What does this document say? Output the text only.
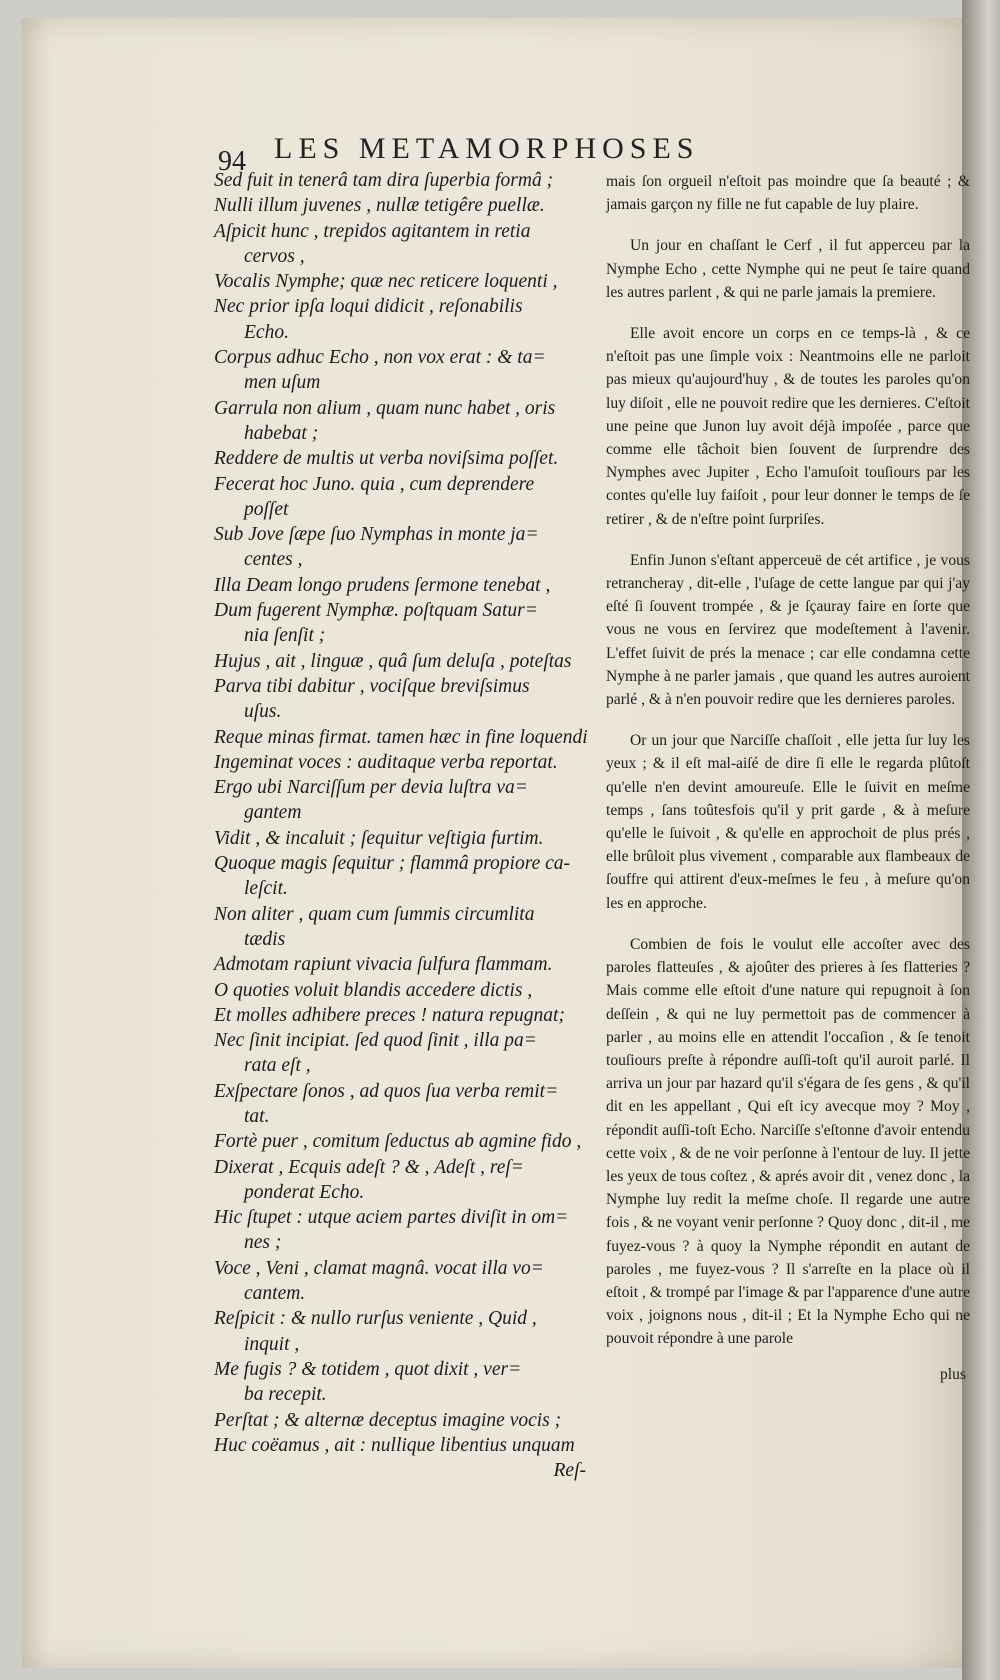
94 LES METAMORPHOSES
Sed fuit in tenerâ tam dira ſuperbia formâ ;
Nulli illum juvenes , nullæ tetigêre puellæ.
Aſpicit hunc , trepidos agitantem in retia
cervos ,
Vocalis Nymphe; quæ nec reticere loquenti ,
Nec prior ipſa loqui didicit , reſonabilis
Echo.
Corpus adhuc Echo , non vox erat : & ta=
men uſum
Garrula non alium , quam nunc habet , oris
habebat ;
Reddere de multis ut verba noviſsima poſſet.
Fecerat hoc Juno. quia , cum deprendere
poſſet
Sub Jove ſæpe ſuo Nymphas in monte ja=
centes ,
Illa Deam longo prudens ſermone tenebat ,
Dum fugerent Nymphæ. poſtquam Satur=
nia ſenſit ;
Hujus , ait , linguæ , quâ ſum deluſa , poteſtas
Parva tibi dabitur , vociſque breviſsimus
uſus.
Reque minas firmat. tamen hæc in fine loquendi
Ingeminat voces : auditaque verba reportat.
Ergo ubi Narciſſum per devia luſtra va=
gantem
Vidit , & incaluit ; ſequitur veſtigia furtim.
Quoque magis ſequitur ; flammâ propiore ca-
leſcit.
Non aliter , quam cum ſummis circumlita
tædis
Admotam rapiunt vivacia ſulfura flammam.
O quoties voluit blandis accedere dictis ,
Et molles adhibere preces ! natura repugnat;
Nec ſinit incipiat. ſed quod ſinit , illa pa=
rata eſt ,
Exſpectare ſonos , ad quos ſua verba remit=
tat.
Fortè puer , comitum ſeductus ab agmine fido ,
Dixerat , Ecquis adeſt ? & , Adeſt , reſ=
ponderat Echo.
Hic ſtupet : utque aciem partes diviſit in om=
nes ;
Voce , Veni , clamat magnâ. vocat illa vo=
cantem.
Reſpicit : & nullo rurſus veniente , Quid ,
inquit ,
Me fugis ? & totidem , quot dixit , ver=
ba recepit.
Perſtat ; & alternæ deceptus imagine vocis ;
Huc coëamus , ait : nullique libentius unquam
Reſ-

mais ſon orgueil n'eſtoit pas moindre que ſa beauté ; & jamais garçon ny fille ne fut capable de luy plaire.

Un jour en chaſſant le Cerf , il fut apperceu par la Nymphe Echo , cette Nymphe qui ne peut ſe taire quand les autres parlent , & qui ne parle jamais la premiere.

Elle avoit encore un corps en ce temps-là , & ce n'eſtoit pas une ſimple voix : Neantmoins elle ne parloit pas mieux qu'aujourd'huy , & de toutes les paroles qu'on luy diſoit , elle ne pouvoit redire que les dernieres. C'eſtoit une peine que Junon luy avoit déjà impoſée , parce que comme elle tâchoit bien ſouvent de ſurprendre des Nymphes avec Jupiter , Echo l'amuſoit touſiours par les contes qu'elle luy faiſoit , pour leur donner le temps de ſe retirer , & de n'eſtre point ſurpriſes.

Enfin Junon s'eſtant apperceuë de cét artifice , je vous retrancheray , dit-elle , l'uſage de cette langue par qui j'ay eſté ſi ſouvent trompée , & je ſçauray faire en ſorte que vous ne vous en ſervirez que modeſtement à l'avenir. L'effet ſuivit de prés la menace ; car elle condamna cette Nymphe à ne parler jamais , que quand les autres auroient parlé , & à n'en pouvoir redire que les dernieres paroles.

Or un jour que Narciſſe chaſſoit , elle jetta ſur luy les yeux ; & il eſt mal-aiſé de dire ſi elle le regarda plûtoſt qu'elle n'en devint amoureuſe. Elle le ſuivit en meſme temps , ſans toûtesfois qu'il y prit garde , & à meſure qu'elle le ſuivoit , & qu'elle en approchoit de plus prés , elle brûloit plus vivement , comparable aux flambeaux de ſouffre qui attirent d'eux-meſmes le feu , à meſure qu'on les en approche.

Combien de fois le voulut elle accoſter avec des paroles flatteuſes , & ajoûter des prieres à ſes flatteries ? Mais comme elle eſtoit d'une nature qui repugnoit à ſon deſſein , & qui ne luy permettoit pas de commencer à parler , au moins elle en attendit l'occaſion , & ſe tenoit touſiours preſte à répondre auſſi-toſt qu'il auroit parlé. Il arriva un jour par hazard qu'il s'égara de ſes gens , & qu'il dit en les appellant , Qui eſt icy avecque moy ? Moy , répondit auſſi-toſt Echo. Narciſſe s'eſtonne d'avoir entendu cette voix , & de ne voir perſonne à l'entour de luy. Il jette les yeux de tous coſtez , & aprés avoir dit , venez donc , la Nymphe luy redit la meſme choſe. Il regarde une autre fois , & ne voyant venir perſonne ? Quoy donc , dit-il , me fuyez-vous ? à quoy la Nymphe répondit en autant de paroles , me fuyez-vous ? Il s'arreſte en la place où il eſtoit , & trompé par l'image & par l'apparence d'une autre voix , joignons nous , dit-il ; Et la Nymphe Echo qui ne pouvoit répondre à une parole

plus
